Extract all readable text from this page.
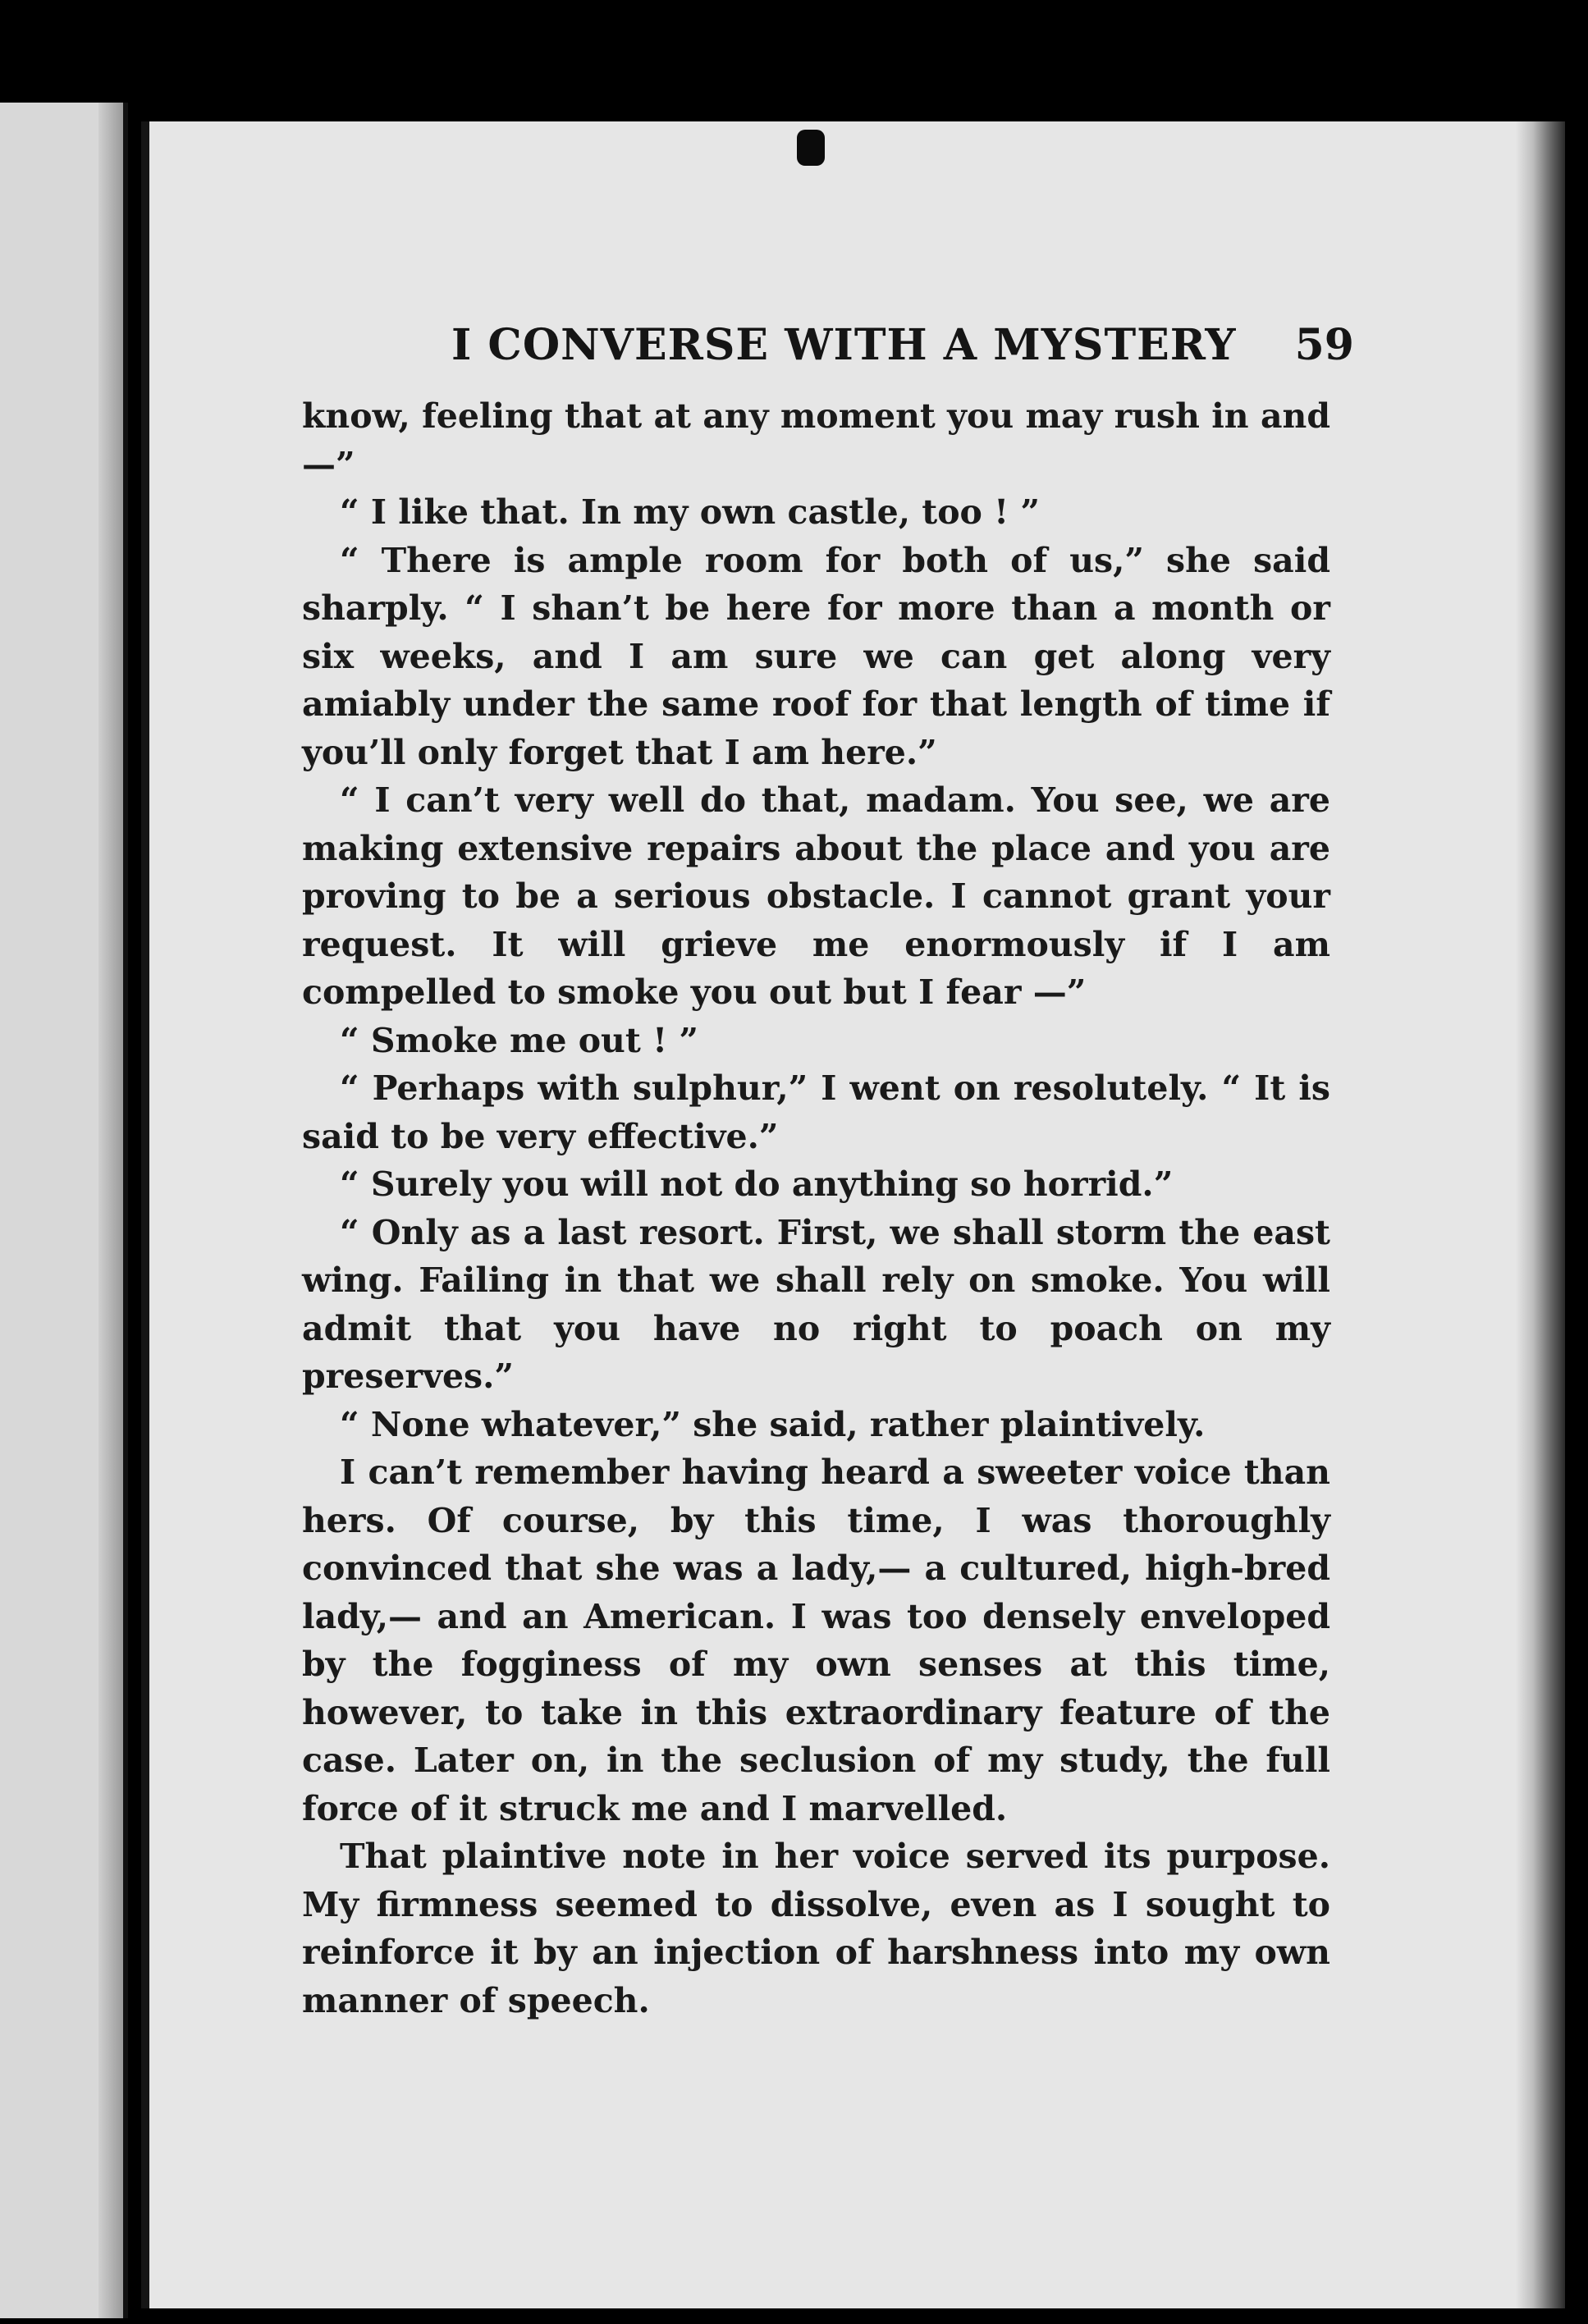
I CONVERSE WITH A MYSTERY 59

know, feeling that at any moment you may rush in and —”

“ I like that. In my own castle, too ! ”

“ There is ample room for both of us,” she said sharply. “ I shan’t be here for more than a month or six weeks, and I am sure we can get along very amiably under the same roof for that length of time if you’ll only forget that I am here.”

“ I can’t very well do that, madam. You see, we are making extensive repairs about the place and you are proving to be a serious obstacle. I cannot grant your request. It will grieve me enormously if I am compelled to smoke you out but I fear —”

“ Smoke me out ! ”

“ Perhaps with sulphur,” I went on resolutely. “ It is said to be very effective.”

“ Surely you will not do anything so horrid.”

“ Only as a last resort. First, we shall storm the east wing. Failing in that we shall rely on smoke. You will admit that you have no right to poach on my preserves.”

“ None whatever,” she said, rather plaintively.

I can’t remember having heard a sweeter voice than hers. Of course, by this time, I was thoroughly convinced that she was a lady,— a cultured, high-bred lady,— and an American. I was too densely enveloped by the fogginess of my own senses at this time, however, to take in this extraordinary feature of the case. Later on, in the seclusion of my study, the full force of it struck me and I marvelled.

That plaintive note in her voice served its purpose. My firmness seemed to dissolve, even as I sought to reinforce it by an injection of harshness into my own manner of speech.
